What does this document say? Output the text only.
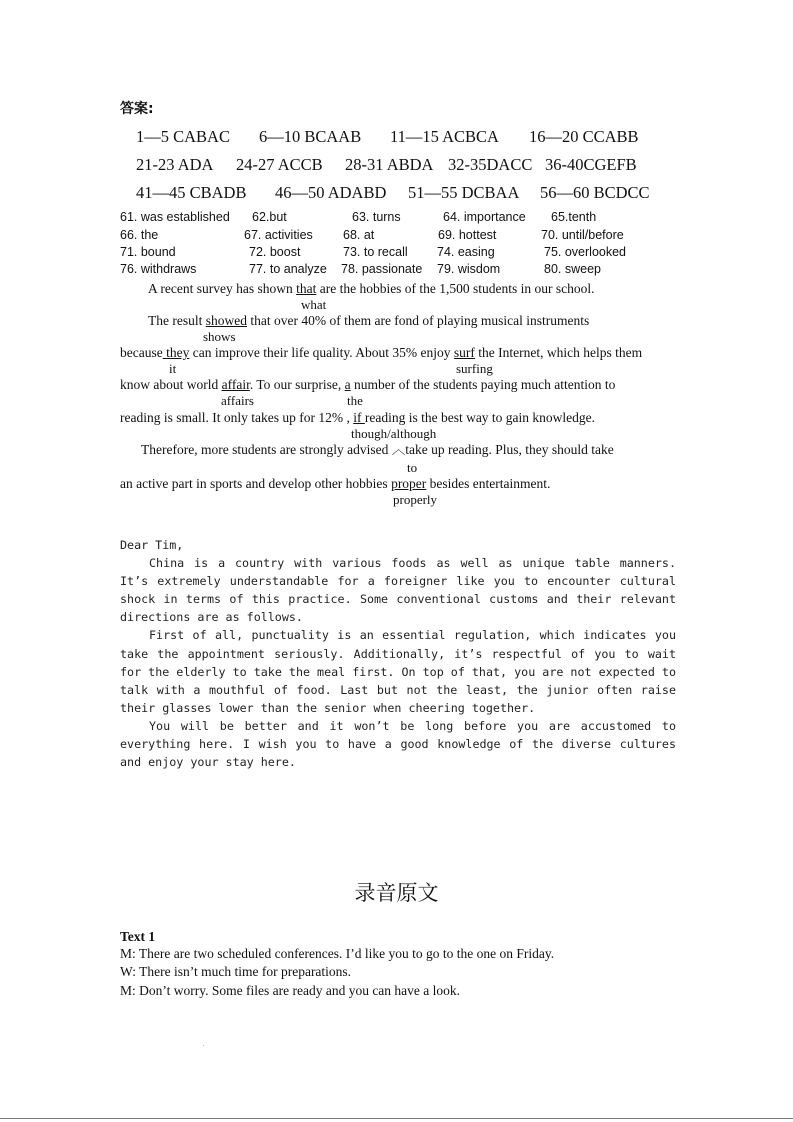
答案:
1—5 CABAC 6—10 BCAAB 11—15 ACBCA 16—20 CCABB
21-23 ADA 24-27 ACCB 28-31 ABDA 32-35DACC 36-40CGEFB
41—45 CBADB 46—50 ADABD 51—55 DCBAA 56—60 BCDCC
61. was established 62.but	63. turns	64. importance 65.tenth
66. the	67. activities 68. at	69. hottest	70. until/before
71. bound	72. boost	73. to recall 74. easing	75. overlooked
76. withdraws	77. to analyze 78. passionate 79. wisdom	80. sweep
A recent survey has shown that are the hobbies of the 1,500 students in our school.
what
The result showed that over 40% of them are fond of playing musical instruments
shows
because they can improve their life quality. About 35% enjoy surf the Internet, which helps them
it	surfing
know about world affair. To our surprise, a number of the students paying much attention to
affairs	the
reading is small. It only takes up for 12% , if reading is the best way to gain knowledge.
though/although
Therefore, more students are strongly advised ︿take up reading. Plus, they should take
to
an active part in sports and develop other hobbies proper besides entertainment.
properly

Dear Tim,

China is a country with various foods as well as unique table manners. It’s extremely understandable for a foreigner like you to encounter cultural shock in terms of this practice. Some conventional customs and their relevant directions are as follows.

First of all, punctuality is an essential regulation, which indicates you take the appointment seriously. Additionally, it’s respectful of you to wait for the elderly to take the meal first. On top of that, you are not expected to talk with a mouthful of food. Last but not the least, the junior often raise their glasses lower than the senior when cheering together.

You will be better and it won’t be long before you are accustomed to everything here. I wish you to have a good knowledge of the diverse cultures and enjoy your stay here.

录音原文
Text 1
M: There are two scheduled conferences. I’d like you to go to the one on Friday.
W: There isn’t much time for preparations.
M: Don’t worry. Some files are ready and you can have a look.
